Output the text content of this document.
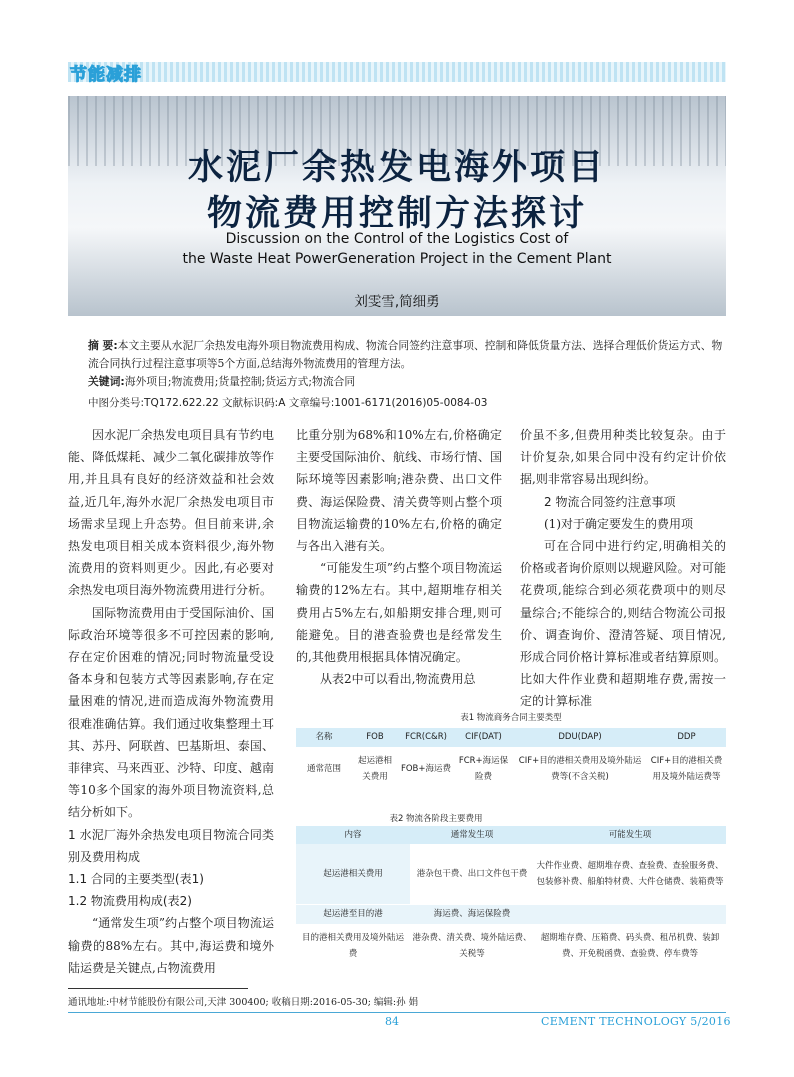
节能减排
水泥厂余热发电海外项目
物流费用控制方法探讨
Discussion on the Control of the Logistics Cost of
the Waste Heat PowerGeneration Project in the Cement Plant
刘雯雪,简细勇
摘 要:本文主要从水泥厂余热发电海外项目物流费用构成、物流合同签约注意事项、控制和降低货量方法、选择合理低价货运方式、物流合同执行过程注意事项等5个方面,总结海外物流费用的管理方法。
关键词:海外项目;物流费用;货量控制;货运方式;物流合同
中图分类号:TQ172.622.22 文献标识码:A 文章编号:1001-6171(2016)05-0084-03

因水泥厂余热发电项目具有节约电能、降低煤耗、减少二氧化碳排放等作用,并且具有良好的经济效益和社会效益,近几年,海外水泥厂余热发电项目市场需求呈现上升态势。但目前来讲,余热发电项目相关成本资料很少,海外物流费用的资料则更少。因此,有必要对余热发电项目海外物流费用进行分析。

国际物流费用由于受国际油价、国际政治环境等很多不可控因素的影响,存在定价困难的情况;同时物流量受设备本身和包装方式等因素影响,存在定量困难的情况,进而造成海外物流费用很难准确估算。我们通过收集整理土耳其、苏丹、阿联酋、巴基斯坦、泰国、菲律宾、马来西亚、沙特、印度、越南等10多个国家的海外项目物流资料,总结分析如下。

1 水泥厂海外余热发电项目物流合同类别及费用构成

1.1 合同的主要类型(表1)

1.2 物流费用构成(表2)

“通常发生项”约占整个项目物流运输费的88%左右。其中,海运费和境外陆运费是关键点,占物流费用

比重分别为68%和10%左右,价格确定主要受国际油价、航线、市场行情、国际环境等因素影响;港杂费、出口文件费、海运保险费、清关费等则占整个项目物流运输费的10%左右,价格的确定与各出入港有关。

“可能发生项”约占整个项目物流运输费的12%左右。其中,超期堆存相关费用占5%左右,如船期安排合理,则可能避免。目的港查验费也是经常发生的,其他费用根据具体情况确定。

从表2中可以看出,物流费用总

价虽不多,但费用种类比较复杂。由于计价复杂,如果合同中没有约定计价依据,则非常容易出现纠纷。

2 物流合同签约注意事项

(1)对于确定要发生的费用项

可在合同中进行约定,明确相关的价格或者询价原则以规避风险。对可能花费项,能综合到必须花费项中的则尽量综合;不能综合的,则结合物流公司报价、调查询价、澄清答疑、项目情况,形成合同价格计算标准或者结算原则。比如大件作业费和超期堆存费,需按一定的计算标准

表1 物流商务合同主要类型
名称	FOB	FCR(C&R)	CIF(DAT)	DDU(DAP)	DDP
通常范围	起运港相关费用	FOB+海运费	FCR+海运保险费	CIF+目的港相关费用及境外陆运费等(不含关税)	CIF+目的港相关费用及境外陆运费等
表2 物流各阶段主要费用
内容	通常发生项	可能发生项
起运港相关费用	港杂包干费、出口文件包干费	大件作业费、超期堆存费、查验费、查验服务费、包装修补费、船舶特材费、大件仓储费、装箱费等
起运港至目的港	海运费、海运保险费	
目的港相关费用及境外陆运费	港杂费、清关费、境外陆运费、关税等	超期堆存费、压箱费、码头费、租吊机费、装卸费、开免税函费、查验费、停车费等
通讯地址:中材节能股份有限公司,天津 300400; 收稿日期:2016-05-30; 编辑:孙 娟
84	CEMENT TECHNOLOGY 5/2016
